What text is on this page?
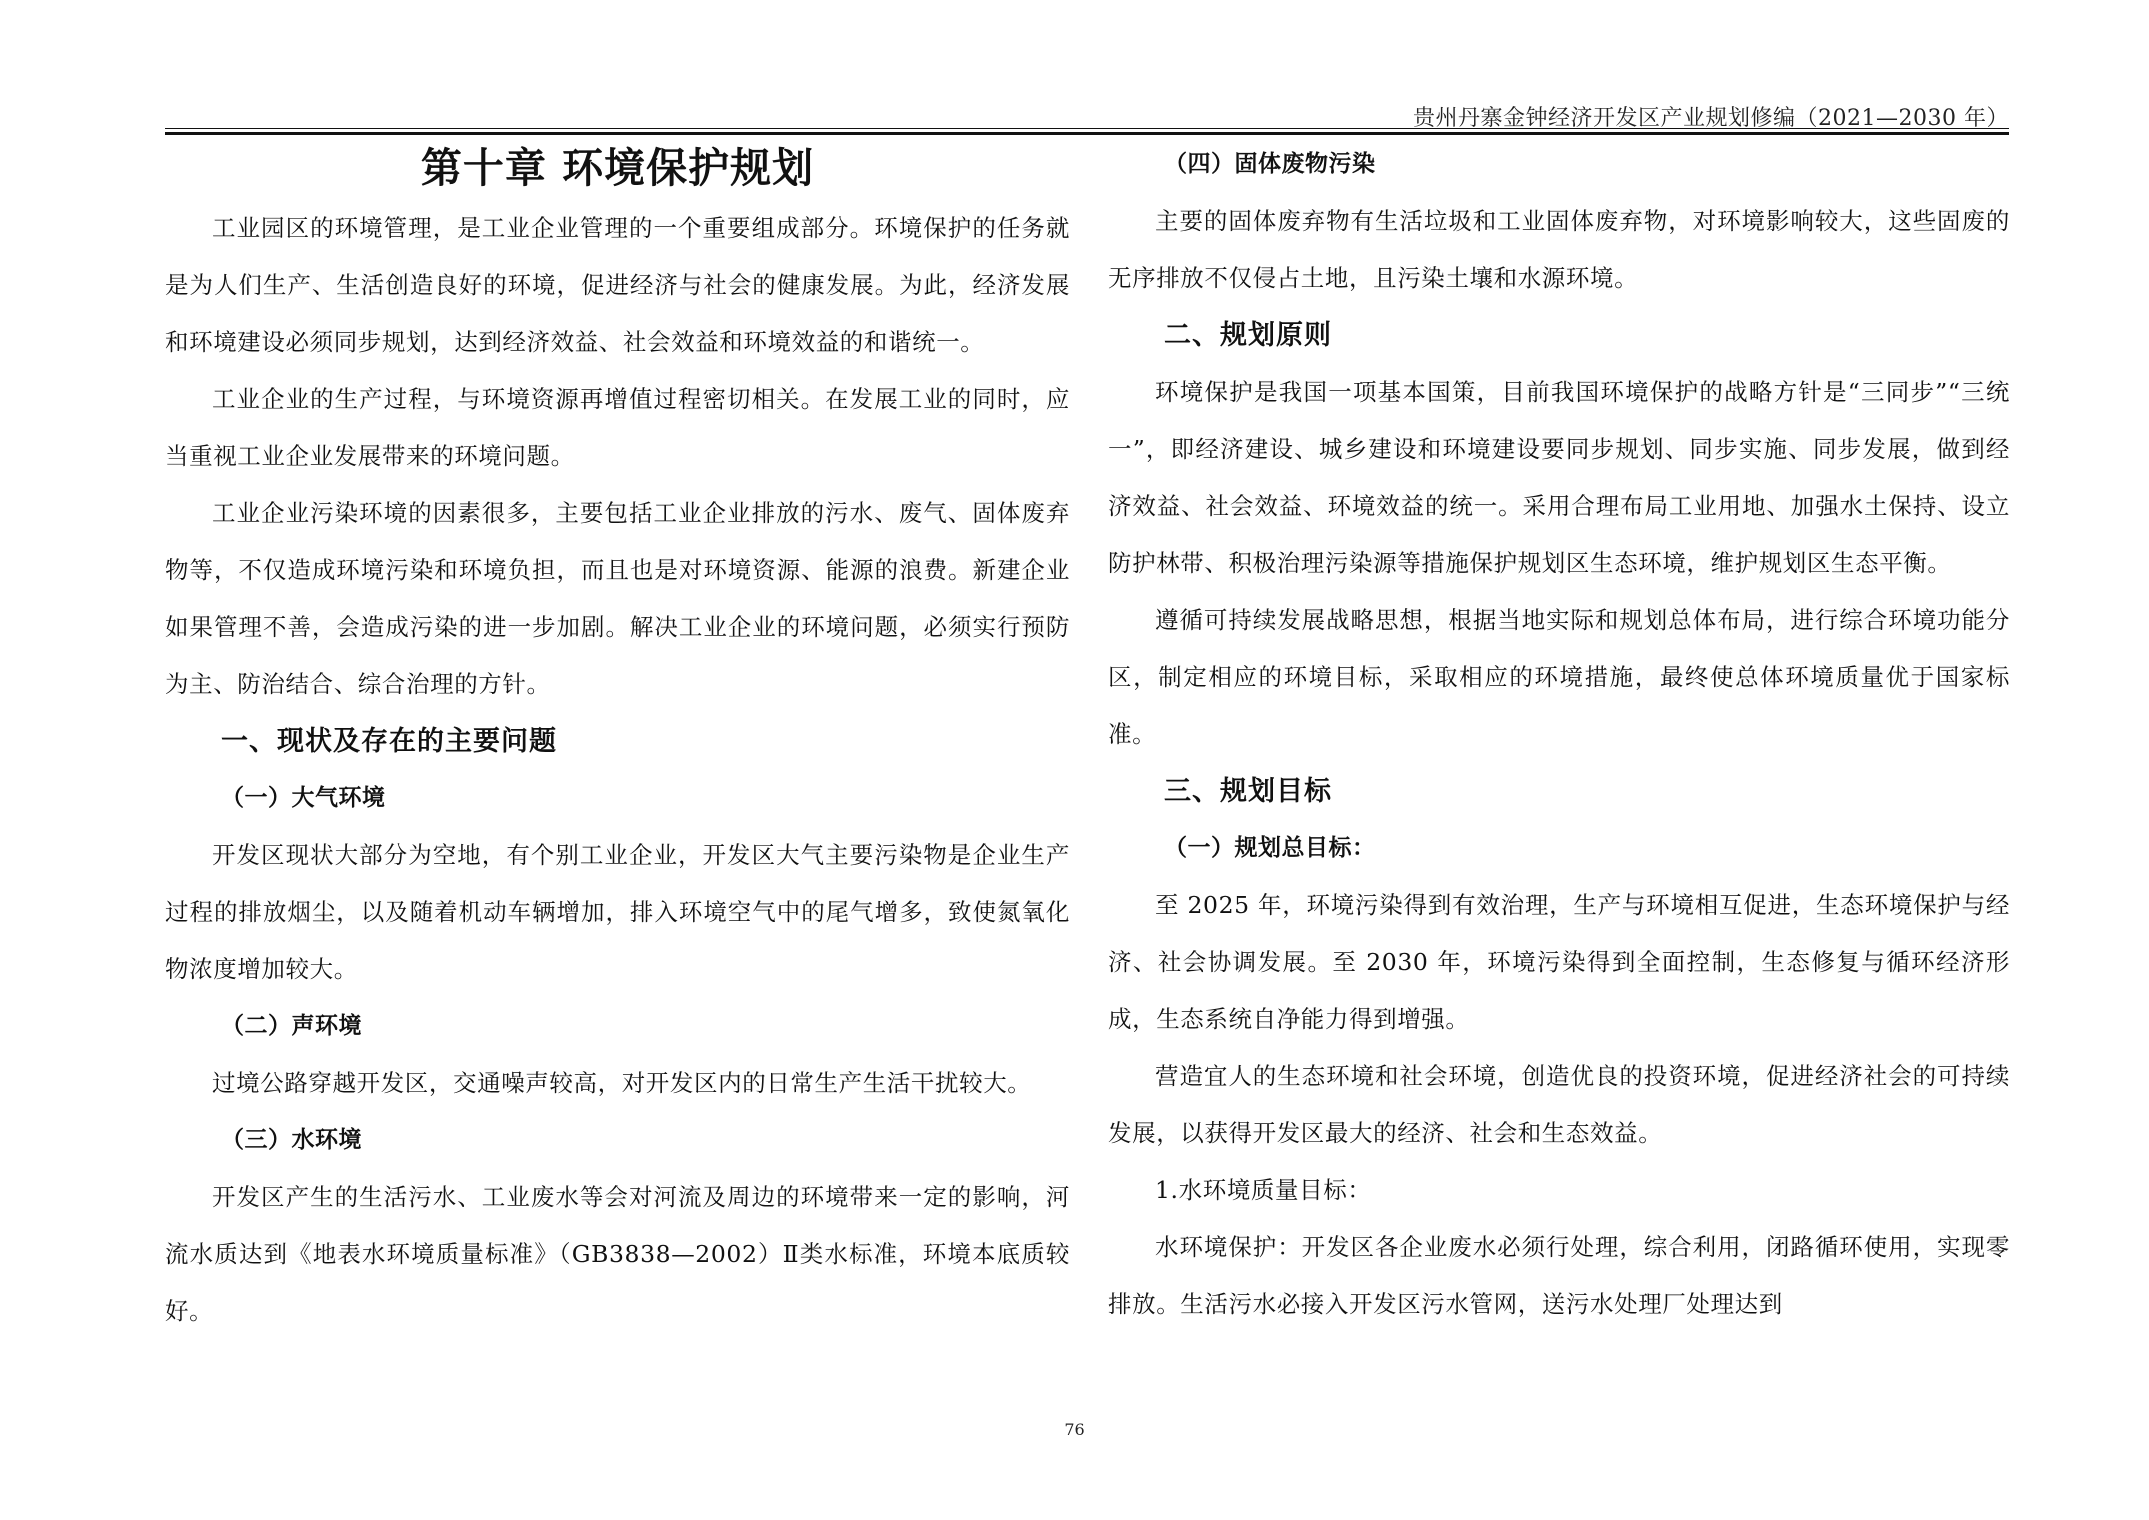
贵州丹寨金钟经济开发区产业规划修编（2021—2030 年）
第十章 环境保护规划

工业园区的环境管理，是工业企业管理的一个重要组成部分。环境保护的任务就是为人们生产、生活创造良好的环境，促进经济与社会的健康发展。为此，经济发展和环境建设必须同步规划，达到经济效益、社会效益和环境效益的和谐统一。

工业企业的生产过程，与环境资源再增值过程密切相关。在发展工业的同时，应当重视工业企业发展带来的环境问题。

工业企业污染环境的因素很多，主要包括工业企业排放的污水、废气、固体废弃物等，不仅造成环境污染和环境负担，而且也是对环境资源、能源的浪费。新建企业如果管理不善，会造成污染的进一步加剧。解决工业企业的环境问题，必须实行预防为主、防治结合、综合治理的方针。

一、现状及存在的主要问题
（一）大气环境

开发区现状大部分为空地，有个别工业企业，开发区大气主要污染物是企业生产过程的排放烟尘，以及随着机动车辆增加，排入环境空气中的尾气增多，致使氮氧化物浓度增加较大。

（二）声环境

过境公路穿越开发区，交通噪声较高，对开发区内的日常生产生活干扰较大。

（三）水环境

开发区产生的生活污水、工业废水等会对河流及周边的环境带来一定的影响，河流水质达到《地表水环境质量标准》（GB3838—2002）Ⅱ类水标准，环境本底质较好。

（四）固体废物污染

主要的固体废弃物有生活垃圾和工业固体废弃物，对环境影响较大，这些固废的无序排放不仅侵占土地，且污染土壤和水源环境。

二、规划原则

环境保护是我国一项基本国策，目前我国环境保护的战略方针是“三同步”“三统一”，即经济建设、城乡建设和环境建设要同步规划、同步实施、同步发展，做到经济效益、社会效益、环境效益的统一。采用合理布局工业用地、加强水土保持、设立防护林带、积极治理污染源等措施保护规划区生态环境，维护规划区生态平衡。

遵循可持续发展战略思想，根据当地实际和规划总体布局，进行综合环境功能分区，制定相应的环境目标，采取相应的环境措施，最终使总体环境质量优于国家标准。

三、规划目标
（一）规划总目标：

至 2025 年，环境污染得到有效治理，生产与环境相互促进，生态环境保护与经济、社会协调发展。至 2030 年，环境污染得到全面控制，生态修复与循环经济形成，生态系统自净能力得到增强。

营造宜人的生态环境和社会环境，创造优良的投资环境，促进经济社会的可持续发展，以获得开发区最大的经济、社会和生态效益。

1.水环境质量目标：

水环境保护：开发区各企业废水必须行处理，综合利用，闭路循环使用，实现零排放。生活污水必接入开发区污水管网，送污水处理厂处理达到

76
